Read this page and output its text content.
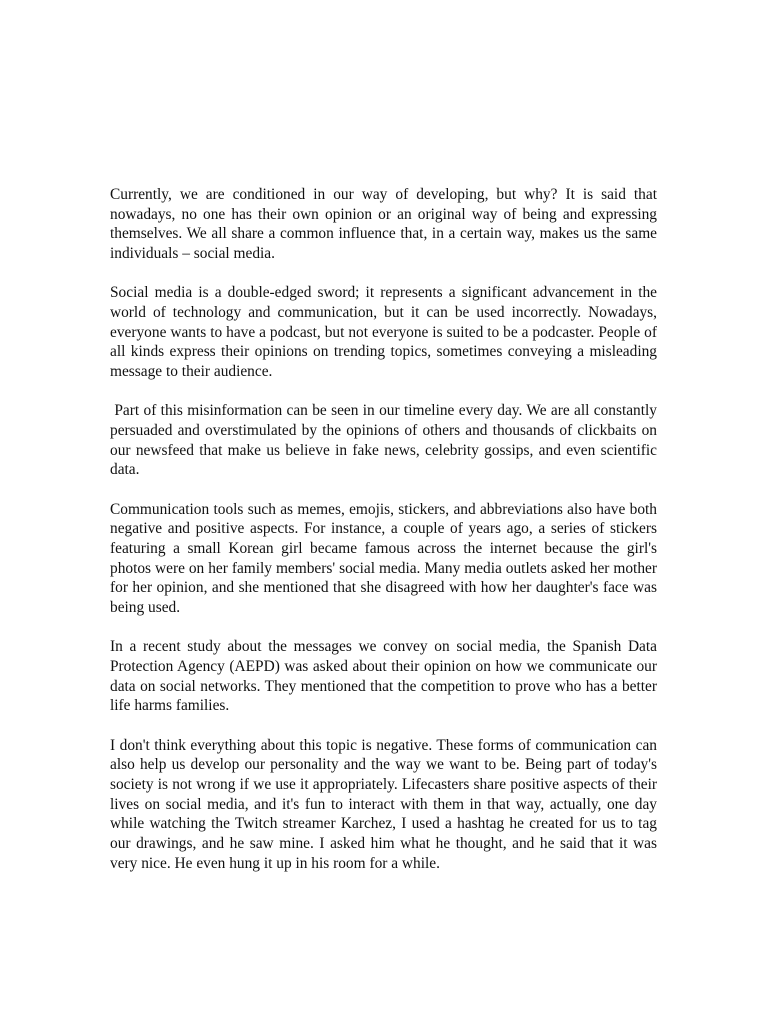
Currently, we are conditioned in our way of developing, but why? It is said that nowadays, no one has their own opinion or an original way of being and expressing themselves. We all share a common influence that, in a certain way, makes us the same individuals – social media.

Social media is a double-edged sword; it represents a significant advancement in the world of technology and communication, but it can be used incorrectly. Nowadays, everyone wants to have a podcast, but not everyone is suited to be a podcaster. People of all kinds express their opinions on trending topics, sometimes conveying a misleading message to their audience.

Part of this misinformation can be seen in our timeline every day. We are all constantly persuaded and overstimulated by the opinions of others and thousands of clickbaits on our newsfeed that make us believe in fake news, celebrity gossips, and even scientific data.

Communication tools such as memes, emojis, stickers, and abbreviations also have both negative and positive aspects. For instance, a couple of years ago, a series of stickers featuring a small Korean girl became famous across the internet because the girl's photos were on her family members' social media. Many media outlets asked her mother for her opinion, and she mentioned that she disagreed with how her daughter's face was being used.

In a recent study about the messages we convey on social media, the Spanish Data Protection Agency (AEPD) was asked about their opinion on how we communicate our data on social networks. They mentioned that the competition to prove who has a better life harms families.

I don't think everything about this topic is negative. These forms of communication can also help us develop our personality and the way we want to be. Being part of today's society is not wrong if we use it appropriately. Lifecasters share positive aspects of their lives on social media, and it's fun to interact with them in that way, actually, one day while watching the Twitch streamer Karchez, I used a hashtag he created for us to tag our drawings, and he saw mine. I asked him what he thought, and he said that it was very nice. He even hung it up in his room for a while.
